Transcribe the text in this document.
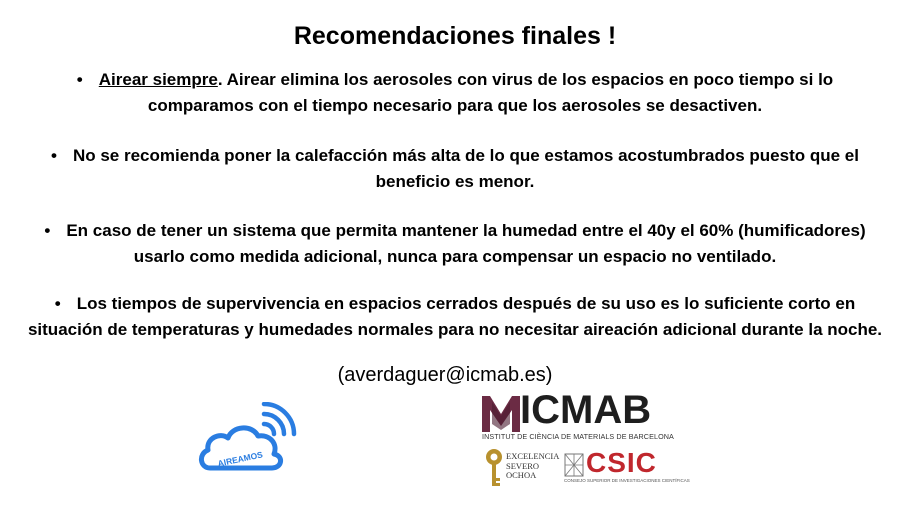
Recomendaciones finales !
• Airear siempre. Airear elimina los aerosoles con virus de los espacios en poco tiempo si lo comparamos con el tiempo necesario para que los aerosoles se desactiven.
• No se recomienda poner la calefacción más alta de lo que estamos acostumbrados puesto que el beneficio es menor.
• En caso de tener un sistema que permita mantener la humedad entre el 40y el 60% (humificadores) usarlo como medida adicional, nunca para compensar un espacio no ventilado.
• Los tiempos de supervivencia en espacios cerrados después de su uso es lo suficiente corto en situación de temperaturas y humedades normales para no necesitar aireación adicional durante la noche.
(averdaguer@icmab.es)
AIREAMOS
ICMAB
INSTITUT DE CIÈNCIA DE MATERIALS DE BARCELONA
EXCELENCIA
SEVERO
OCHOA	CSIC
CONSEJO SUPERIOR DE INVESTIGACIONES CIENTÍFICAS
